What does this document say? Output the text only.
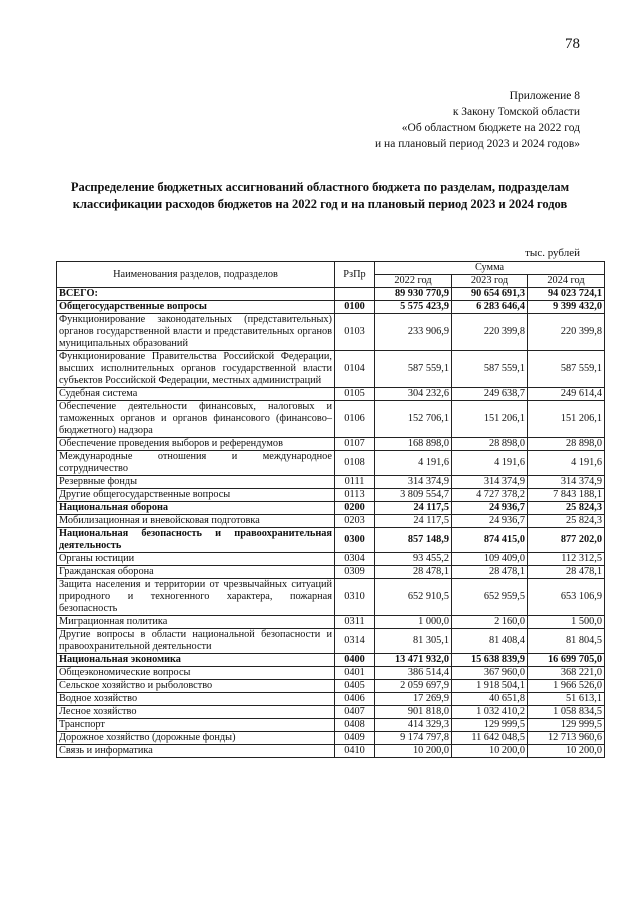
78
Приложение 8
к Закону Томской области
«Об областном бюджете на 2022 год
и на плановый период 2023 и 2024 годов»
Распределение бюджетных ассигнований областного бюджета по разделам, подразделам классификации расходов бюджетов на 2022 год и на плановый период 2023 и 2024 годов
тыс. рублей
Наименования разделов, подразделов	РзПр	Сумма		
		2022 год	2023 год	2024 год
ВСЕГО:		89 930 770,9	90 654 691,3	94 023 724,1
Общегосударственные вопросы	0100	5 575 423,9	6 283 646,4	9 399 432,0
Функционирование законодательных (представительных) органов государственной власти и представительных органов муниципальных образований	0103	233 906,9	220 399,8	220 399,8
Функционирование Правительства Российской Федерации, высших исполнительных органов государственной власти субъектов Российской Федерации, местных администраций	0104	587 559,1	587 559,1	587 559,1
Судебная система	0105	304 232,6	249 638,7	249 614,4
Обеспечение деятельности финансовых, налоговых и таможенных органов и органов финансового (финансово–бюджетного) надзора	0106	152 706,1	151 206,1	151 206,1
Обеспечение проведения выборов и референдумов	0107	168 898,0	28 898,0	28 898,0
Международные отношения и международное сотрудничество	0108	4 191,6	4 191,6	4 191,6
Резервные фонды	0111	314 374,9	314 374,9	314 374,9
Другие общегосударственные вопросы	0113	3 809 554,7	4 727 378,2	7 843 188,1
Национальная оборона	0200	24 117,5	24 936,7	25 824,3
Мобилизационная и вневойсковая подготовка	0203	24 117,5	24 936,7	25 824,3
Национальная безопасность и правоохранительная деятельность	0300	857 148,9	874 415,0	877 202,0
Органы юстиции	0304	93 455,2	109 409,0	112 312,5
Гражданская оборона	0309	28 478,1	28 478,1	28 478,1
Защита населения и территории от чрезвычайных ситуаций природного и техногенного характера, пожарная безопасность	0310	652 910,5	652 959,5	653 106,9
Миграционная политика	0311	1 000,0	2 160,0	1 500,0
Другие вопросы в области национальной безопасности и правоохранительной деятельности	0314	81 305,1	81 408,4	81 804,5
Национальная экономика	0400	13 471 932,0	15 638 839,9	16 699 705,0
Общеэкономические вопросы	0401	386 514,4	367 960,0	368 221,0
Сельское хозяйство и рыболовство	0405	2 059 697,9	1 918 504,1	1 966 526,0
Водное хозяйство	0406	17 269,9	40 651,8	51 613,1
Лесное хозяйство	0407	901 818,0	1 032 410,2	1 058 834,5
Транспорт	0408	414 329,3	129 999,5	129 999,5
Дорожное хозяйство (дорожные фонды)	0409	9 174 797,8	11 642 048,5	12 713 960,6
Связь и информатика	0410	10 200,0	10 200,0	10 200,0
